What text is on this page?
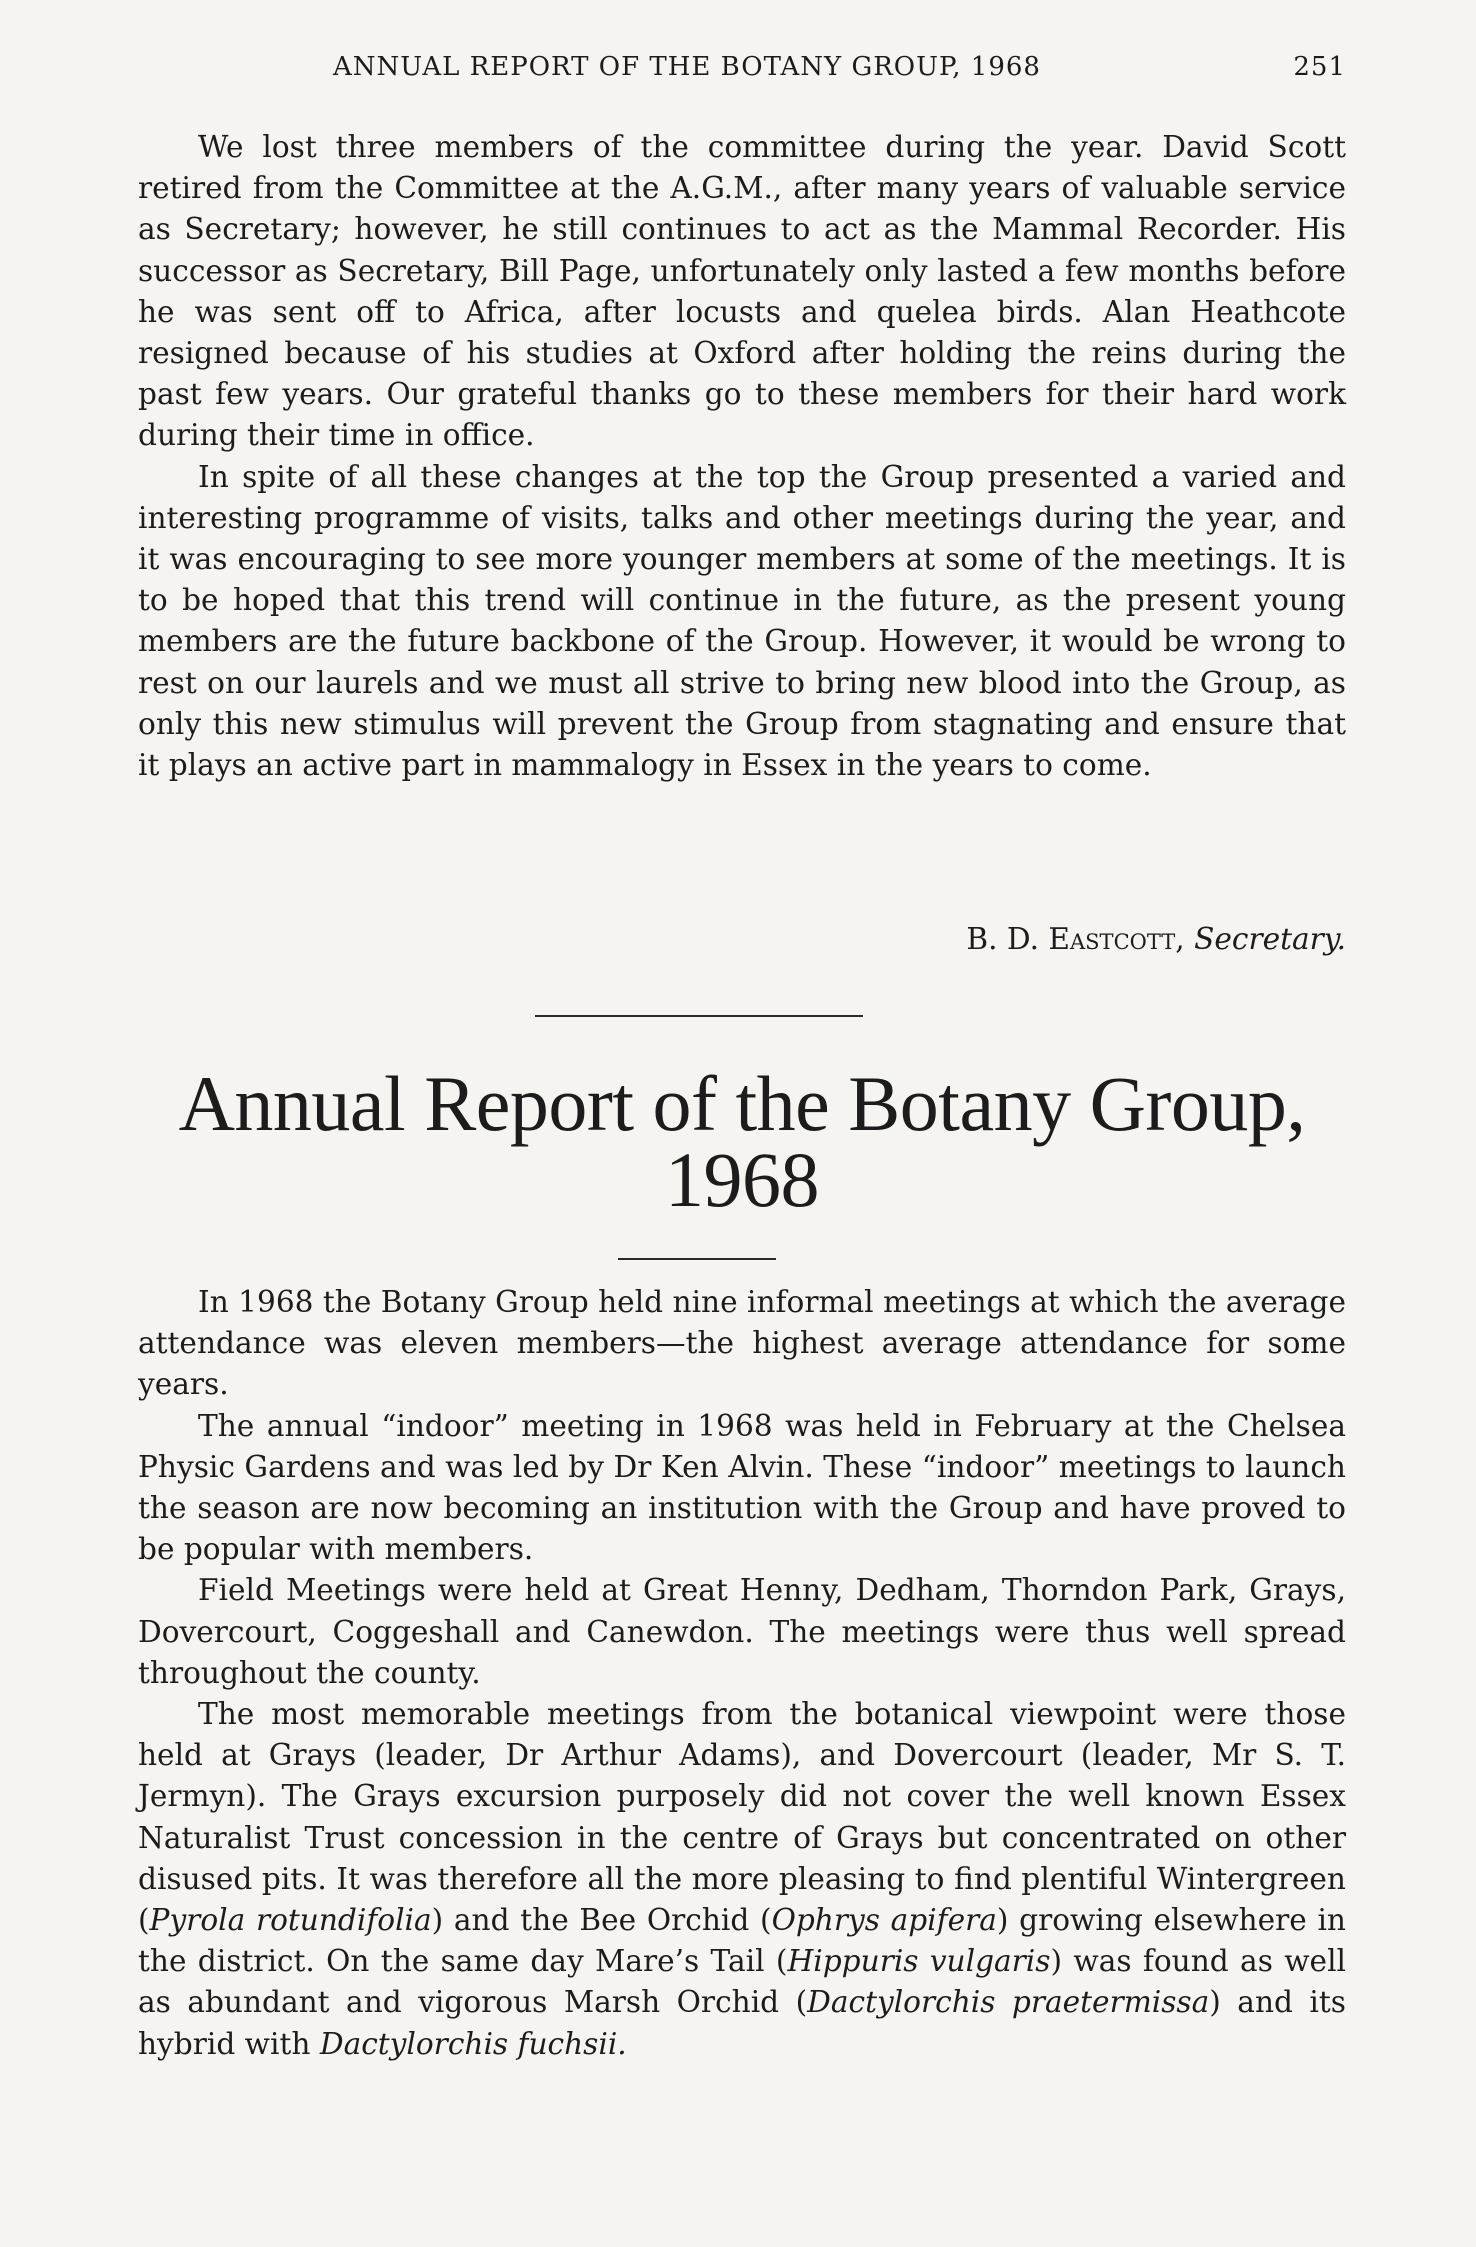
ANNUAL REPORT OF THE BOTANY GROUP, 1968	251

We lost three members of the committee during the year. David Scott retired from the Committee at the A.G.M., after many years of valuable service as Secretary; however, he still continues to act as the Mammal Recorder. His successor as Secretary, Bill Page, unfortunately only lasted a few months before he was sent off to Africa, after locusts and quelea birds. Alan Heathcote resigned because of his studies at Oxford after holding the reins during the past few years. Our grateful thanks go to these members for their hard work during their time in office.

In spite of all these changes at the top the Group presented a varied and interesting programme of visits, talks and other meetings during the year, and it was encouraging to see more younger members at some of the meetings. It is to be hoped that this trend will continue in the future, as the present young members are the future backbone of the Group. However, it would be wrong to rest on our laurels and we must all strive to bring new blood into the Group, as only this new stimulus will prevent the Group from stagnating and ensure that it plays an active part in mammalogy in Essex in the years to come.

B. D. Eastcott, Secretary.
Annual Report of the Botany Group,
1968

In 1968 the Botany Group held nine informal meetings at which the average attendance was eleven members—the highest average attendance for some years.

The annual “indoor” meeting in 1968 was held in February at the Chelsea Physic Gardens and was led by Dr Ken Alvin. These “indoor” meetings to launch the season are now becoming an institution with the Group and have proved to be popular with members.

Field Meetings were held at Great Henny, Dedham, Thorndon Park, Grays, Dovercourt, Coggeshall and Canewdon. The meetings were thus well spread throughout the county.

The most memorable meetings from the botanical viewpoint were those held at Grays (leader, Dr Arthur Adams), and Dovercourt (leader, Mr S. T. Jermyn). The Grays excursion purposely did not cover the well known Essex Naturalist Trust concession in the centre of Grays but concentrated on other disused pits. It was therefore all the more pleasing to find plentiful Wintergreen (Pyrola rotundifolia) and the Bee Orchid (Ophrys apifera) growing elsewhere in the district. On the same day Mare’s Tail (Hippuris vulgaris) was found as well as abundant and vigorous Marsh Orchid (Dactylorchis praetermissa) and its hybrid with Dactylorchis fuchsii.
